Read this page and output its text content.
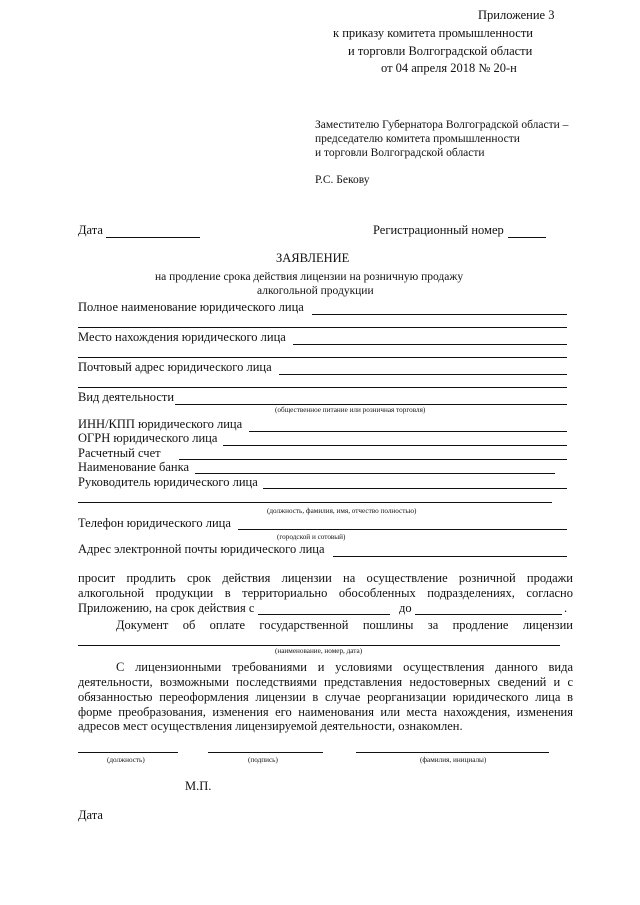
Приложение 3
к приказу комитета промышленности
и торговли Волгоградской области
от 04 апреля 2018 № 20-н
Заместителю Губернатора Волгоградской области –
председателю комитета промышленности
и торговли Волгоградской области
Р.С. Бекову
Дата	Регистрационный номер
ЗАЯВЛЕНИЕ
на продление срока действия лицензии на розничную продажу
алкогольной продукции
Полное наименование юридического лица
Место нахождения юридического лица
Почтовый адрес юридического лица
Вид деятельности
(общественное питание или розничная торговля)
ИНН/КПП юридического лица
ОГРН юридического лица
Расчетный счет
Наименование банка
Руководитель юридического лица
(должность, фамилия, имя, отчество полностью)
Телефон юридического лица
(городской и сотовый)
Адрес электронной почты юридического лица
просит продлить срок действия лицензии на осуществление розничной продажи
алкогольной продукции в территориально обособленных подразделениях, согласно
Приложению, на срок действия с	до	.
Документ об оплате государственной пошлины за продление лицензии
(наименование, номер, дата)
С лицензионными требованиями и условиями осуществления данного вида
деятельности, возможными последствиями представления недостоверных сведений и с
обязанностью переоформления лицензии в случае реорганизации юридического лица в
форме преобразования, изменения его наименования или места нахождения, изменения
адресов мест осуществления лицензируемой деятельности, ознакомлен.
(должность)	(подпись)	(фамилия, инициалы)
М.П.
Дата
